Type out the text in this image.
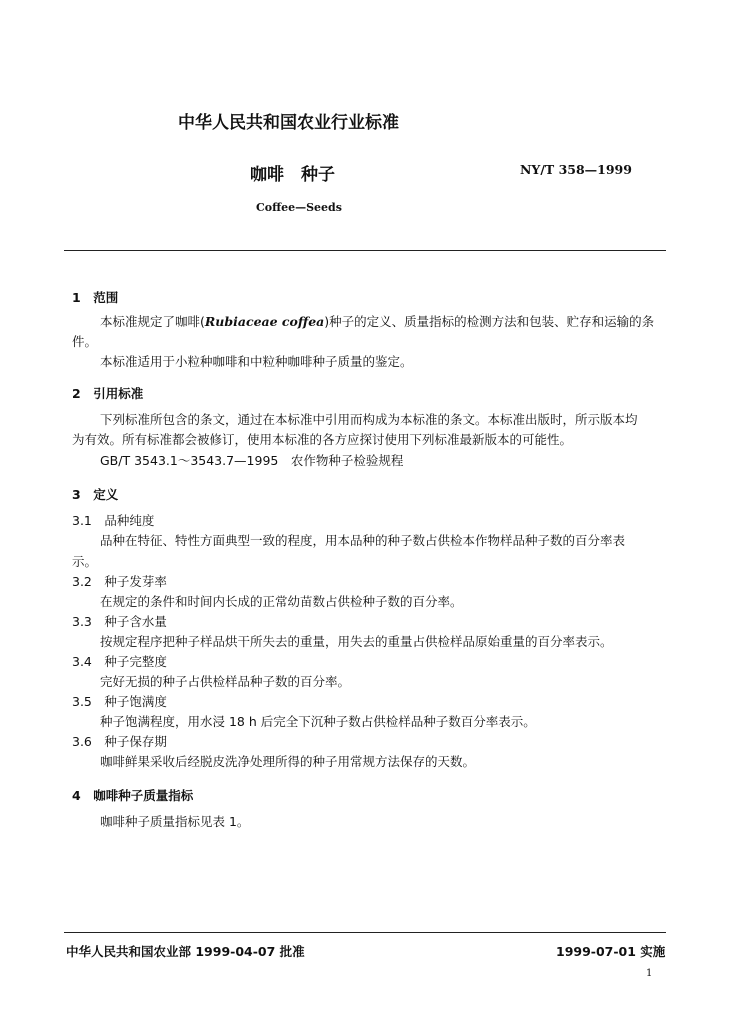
中华人民共和国农业行业标准
咖啡　种子	NY/T 358—1999
Coffee—Seeds
1　范围
本标准规定了咖啡(Rubiaceae coffea)种子的定义、质量指标的检测方法和包装、贮存和运输的条
件。
本标准适用于小粒种咖啡和中粒种咖啡种子质量的鉴定。
2　引用标准
下列标准所包含的条文，通过在本标准中引用而构成为本标准的条文。本标准出版时，所示版本均
为有效。所有标准都会被修订，使用本标准的各方应探讨使用下列标准最新版本的可能性。
GB/T 3543.1～3543.7—1995　农作物种子检验规程
3　定义
3.1　品种纯度
品种在特征、特性方面典型一致的程度，用本品种的种子数占供检本作物样品种子数的百分率表
示。
3.2　种子发芽率
在规定的条件和时间内长成的正常幼苗数占供检种子数的百分率。
3.3　种子含水量
按规定程序把种子样品烘干所失去的重量，用失去的重量占供检样品原始重量的百分率表示。
3.4　种子完整度
完好无损的种子占供检样品种子数的百分率。
3.5　种子饱满度
种子饱满程度，用水浸 18 h 后完全下沉种子数占供检样品种子数百分率表示。
3.6　种子保存期
咖啡鲜果采收后经脱皮洗净处理所得的种子用常规方法保存的天数。
4　咖啡种子质量指标
咖啡种子质量指标见表 1。
中华人民共和国农业部 1999-04-07 批准	1999-07-01 实施
1
